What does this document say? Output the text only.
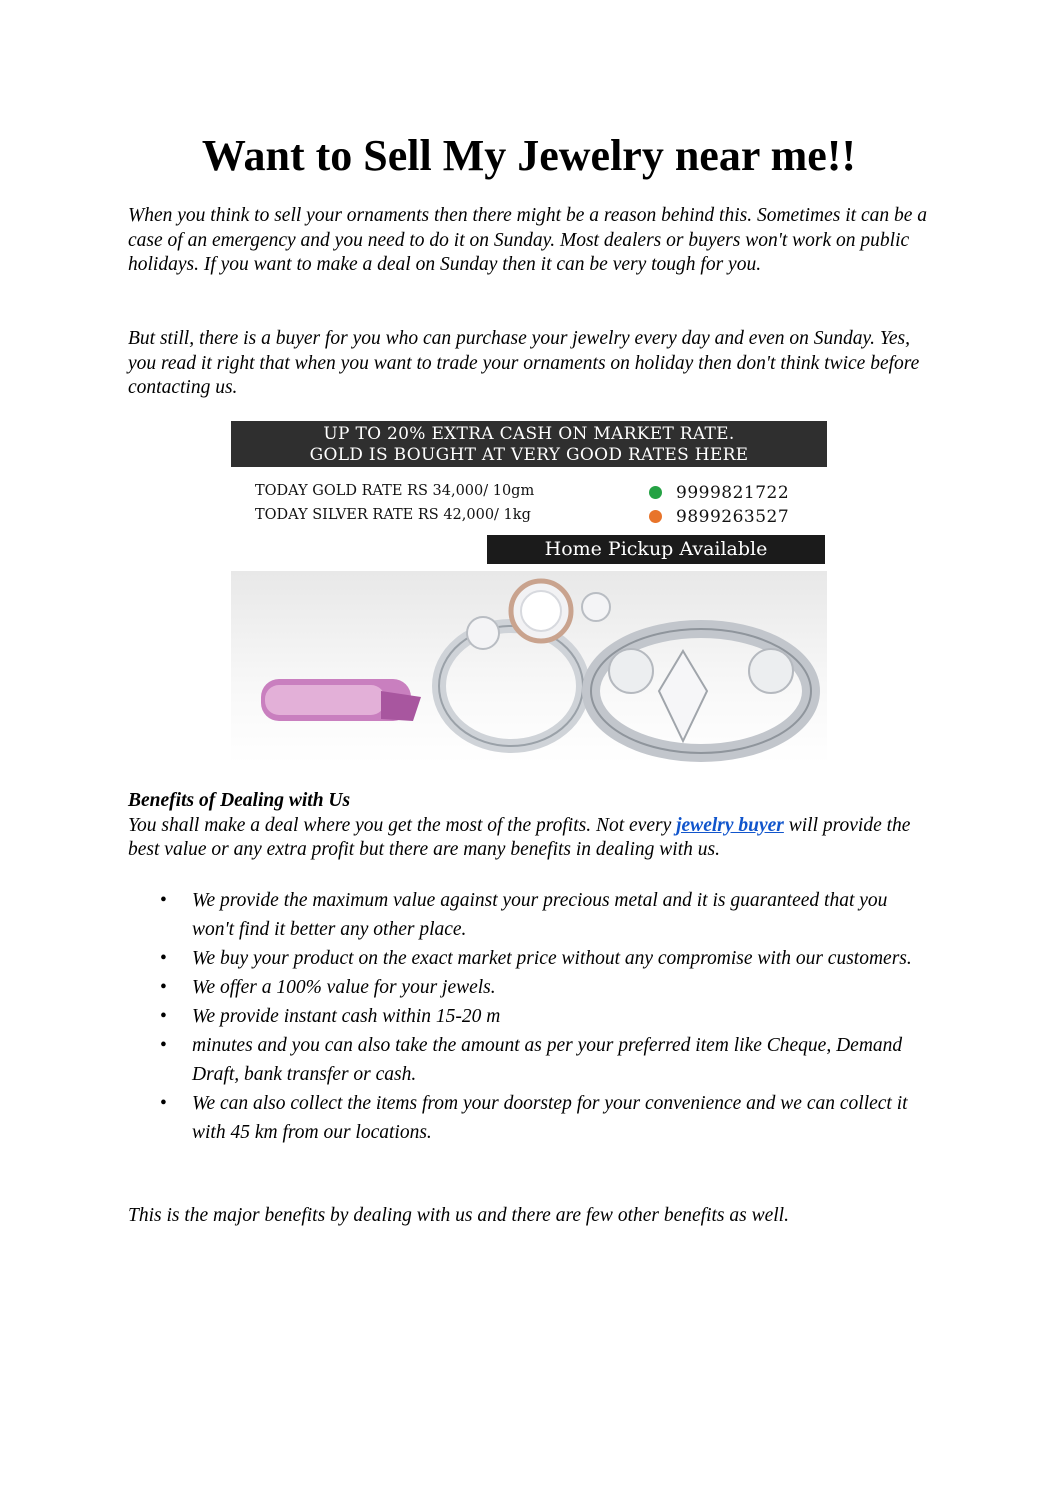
Want to Sell My Jewelry near me!!

When you think to sell your ornaments then there might be a reason behind this. Sometimes it can be a case of an emergency and you need to do it on Sunday. Most dealers or buyers won't work on public holidays. If you want to make a deal on Sunday then it can be very tough for you.

But still, there is a buyer for you who can purchase your jewelry every day and even on Sunday. Yes, you read it right that when you want to trade your ornaments on holiday then don't think twice before contacting us.

UP TO 20% EXTRA CASH ON MARKET RATE.
GOLD IS BOUGHT AT VERY GOOD RATES HERE
TODAY GOLD RATE RS 34,000/ 10gm
TODAY SILVER RATE RS 42,000/ 1kg
9999821722
9899263527
Home Pickup Available

Benefits of Dealing with Us
You shall make a deal where you get the most of the profits. Not every jewelry buyer will provide the best value or any extra profit but there are many benefits in dealing with us.

• We provide the maximum value against your precious metal and it is guaranteed that you won't find it better any other place.
• We buy your product on the exact market price without any compromise with our customers.
• We offer a 100% value for your jewels.
• We provide instant cash within 15-20 m
• minutes and you can also take the amount as per your preferred item like Cheque, Demand Draft, bank transfer or cash.
• We can also collect the items from your doorstep for your convenience and we can collect it with 45 km from our locations.

This is the major benefits by dealing with us and there are few other benefits as well.
